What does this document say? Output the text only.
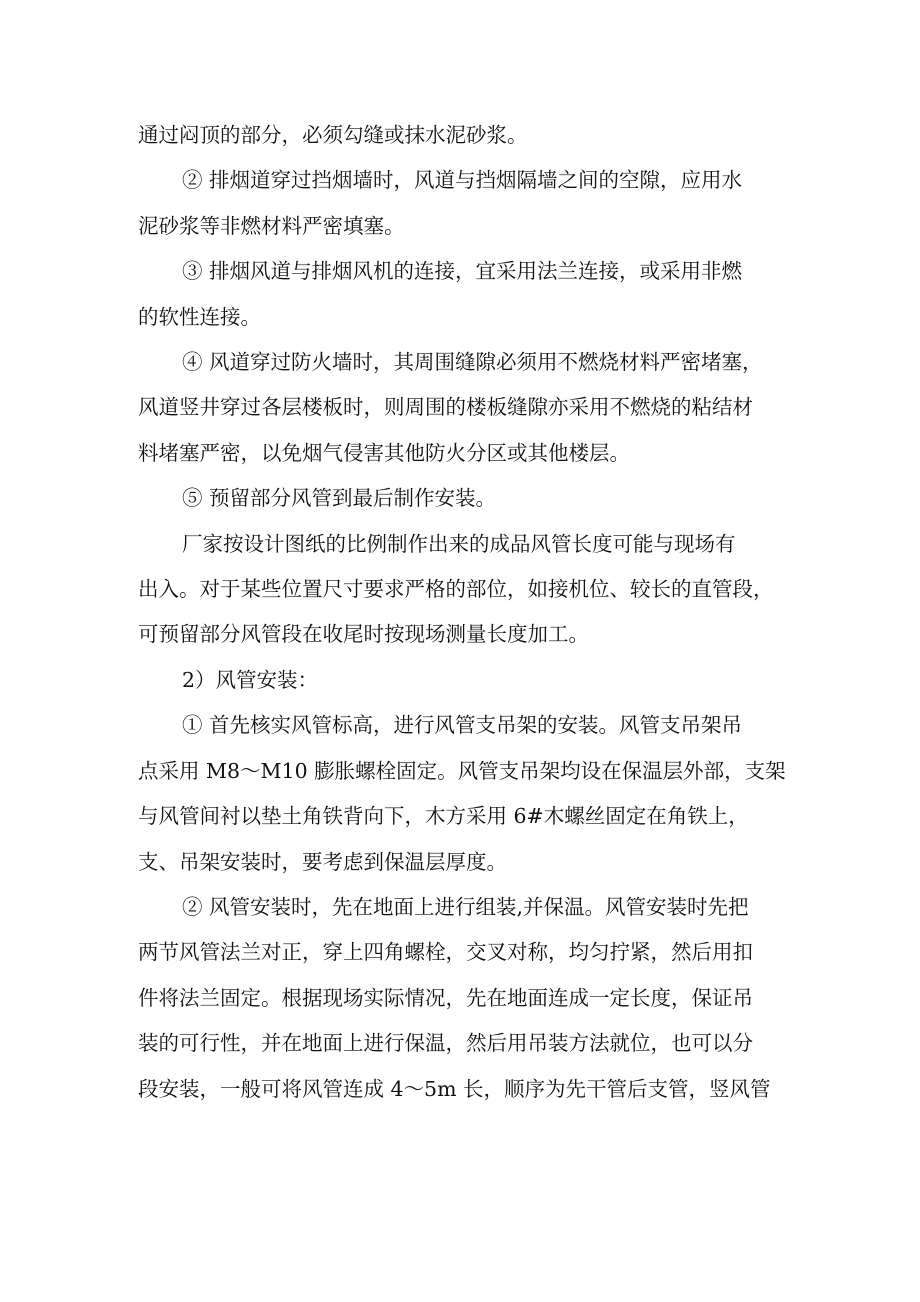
通过闷顶的部分，必须勾缝或抹水泥砂浆。
② 排烟道穿过挡烟墙时，风道与挡烟隔墙之间的空隙，应用水
泥砂浆等非燃材料严密填塞。
③ 排烟风道与排烟风机的连接，宜采用法兰连接，或采用非燃
的软性连接。
④ 风道穿过防火墙时，其周围缝隙必须用不燃烧材料严密堵塞，
风道竖井穿过各层楼板时，则周围的楼板缝隙亦采用不燃烧的粘结材
料堵塞严密，以免烟气侵害其他防火分区或其他楼层。
⑤ 预留部分风管到最后制作安装。
厂家按设计图纸的比例制作出来的成品风管长度可能与现场有
出入。对于某些位置尺寸要求严格的部位，如接机位、较长的直管段，
可预留部分风管段在收尾时按现场测量长度加工。
2）风管安装：
① 首先核实风管标高，进行风管支吊架的安装。风管支吊架吊
点采用 M8～M10 膨胀螺栓固定。风管支吊架均设在保温层外部，支架
与风管间衬以垫土角铁背向下，木方采用 6#木螺丝固定在角铁上，
支、吊架安装时，要考虑到保温层厚度。
② 风管安装时，先在地面上进行组装,并保温。风管安装时先把
两节风管法兰对正，穿上四角螺栓，交叉对称，均匀拧紧，然后用扣
件将法兰固定。根据现场实际情况，先在地面连成一定长度，保证吊
装的可行性，并在地面上进行保温，然后用吊装方法就位，也可以分
段安装，一般可将风管连成 4～5m 长，顺序为先干管后支管，竖风管
